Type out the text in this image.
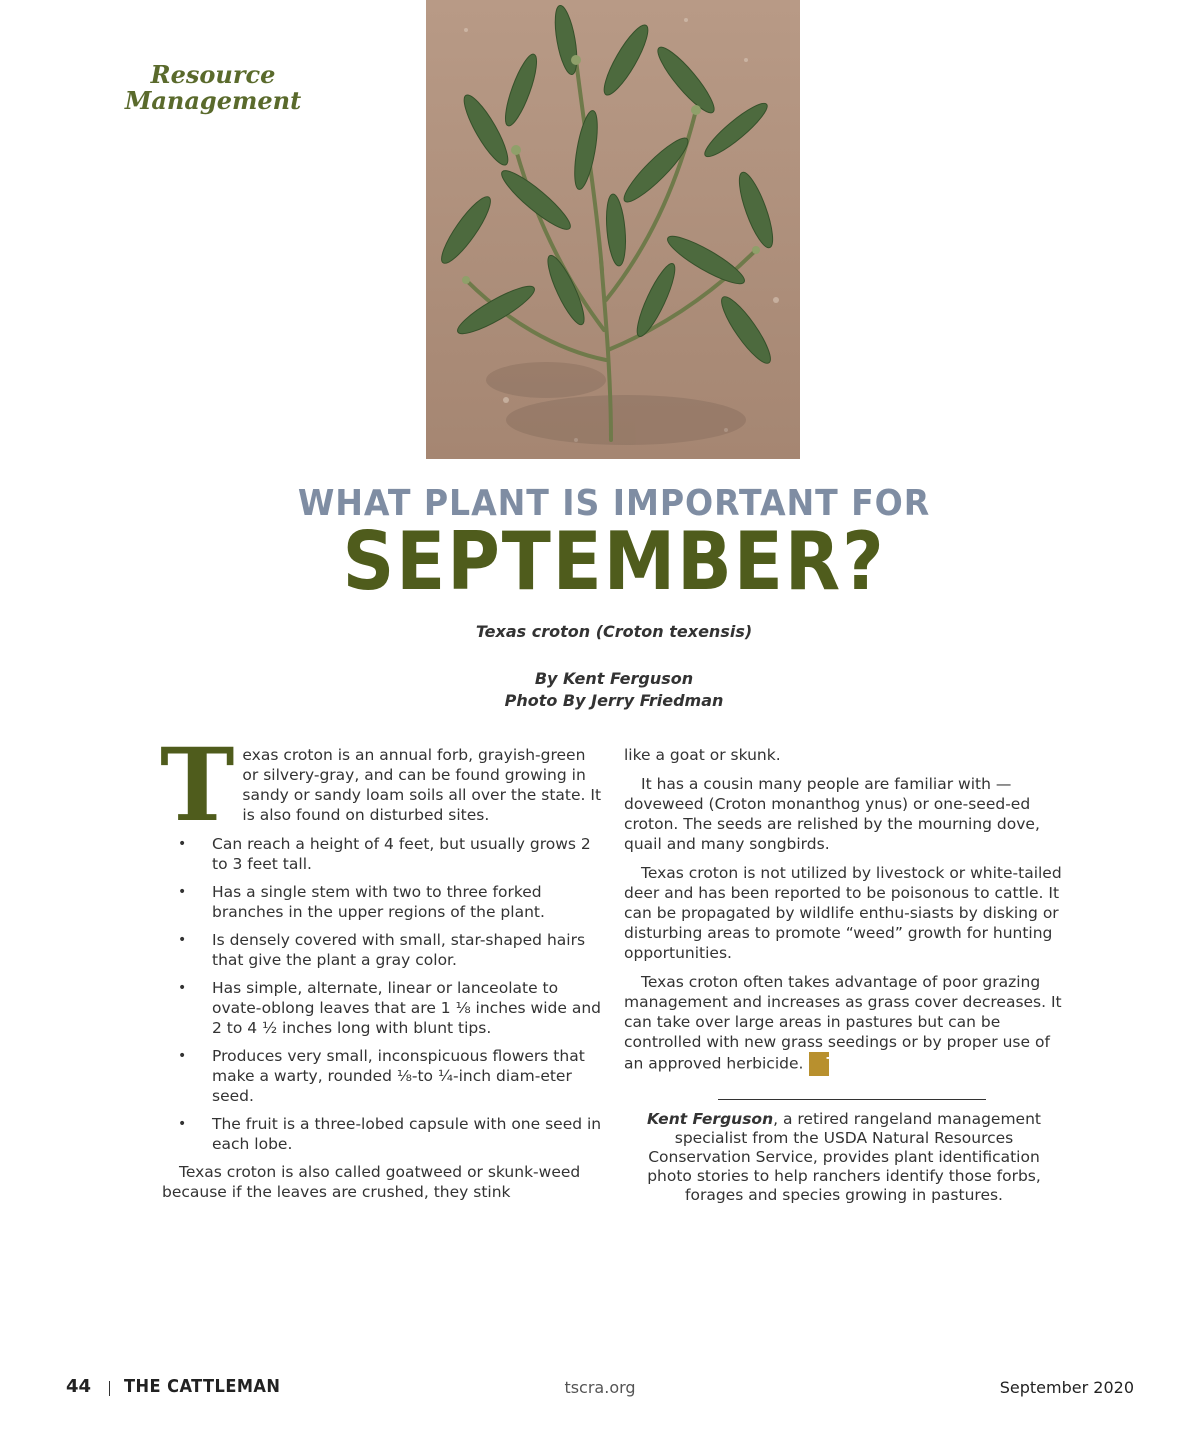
Resource
Management
WHAT PLANT IS IMPORTANT FOR
SEPTEMBER?
Texas croton (Croton texensis)
By Kent Ferguson
Photo By Jerry Friedman

T exas croton is an annual forb, grayish-green or silvery-gray, and can be found growing in sandy or sandy loam soils all over the state. It is also found on disturbed sites.

• Can reach a height of 4 feet, but usually grows 2 to 3 feet tall.
• Has a single stem with two to three forked branches in the upper regions of the plant.
• Is densely covered with small, star-shaped hairs that give the plant a gray color.
• Has simple, alternate, linear or lanceolate to ovate-oblong leaves that are 1 ⅛ inches wide and 2 to 4 ½ inches long with blunt tips.
• Produces very small, inconspicuous flowers that make a warty, rounded ⅛-to ¼-inch diam-eter seed.
• The fruit is a three-lobed capsule with one seed in each lobe.

Texas croton is also called goatweed or skunk-weed because if the leaves are crushed, they stink

like a goat or skunk.

It has a cousin many people are familiar with — doveweed (Croton monanthog ynus) or one-seed-ed croton. The seeds are relished by the mourning dove, quail and many songbirds.

Texas croton is not utilized by livestock or white-tailed deer and has been reported to be poisonous to cattle. It can be propagated by wildlife enthu-siasts by disking or disturbing areas to promote “weed” growth for hunting opportunities.

Texas croton often takes advantage of poor grazing management and increases as grass cover decreases. It can take over large areas in pastures but can be controlled with new grass seedings or by proper use of an approved herbicide. TC

Kent Ferguson, a retired rangeland management specialist from the USDA Natural Resources Conservation Service, provides plant identification photo stories to help ranchers identify those forbs, forages and species growing in pastures.
44 THE CATTLEMAN	tscra.org	September 2020
